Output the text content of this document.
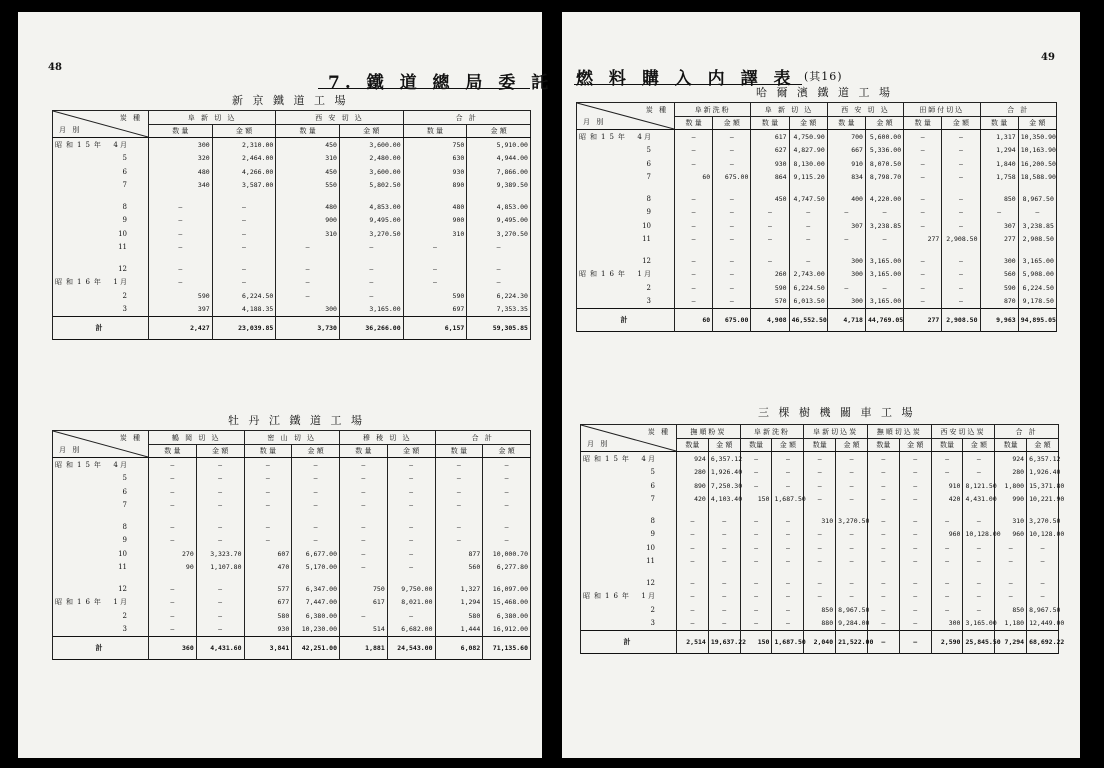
48
7. 鐵 道 總 局 委 託
新 京 鐵 道 工 場
牡 丹 江 鐵 道 工 場
49
燃 料 購 入 内 譯 表 (其16)
哈 爾 濱 鐵 道 工 場
三 棵 樹 機 關 車 工 場
炭 種
月 別	阜 新 切 込		西 安 切 込		合 計	
	数 量	金 額	数 量	金 額	数 量	金 額
昭和15年 4 月	300	2,310.00	450	3,600.00	750	5,910.00
5	320	2,464.00	310	2,480.00	630	4,944.00
6	480	4,266.00	450	3,600.00	930	7,866.00
7	340	3,587.00	550	5,802.50	890	9,389.50

8	—	—	480	4,853.00	480	4,853.00
9	—	—	900	9,495.00	900	9,495.00
10	—	—	310	3,270.50	310	3,270.50
11	—	—	—	—	—	—

12	—	—	—	—	—	—
昭和16年 1 月	—	—	—	—	—	—
2	590	6,224.50	—	—	590	6,224.30
3	397	4,188.35	300	3,165.00	697	7,353.35
計	2,427	23,039.85	3,730	36,266.00	6,157	59,305.85
炭 種
月 別	鶴 岡 切 込		密 山 切 込		穆 稜 切 込		合 計	
	数 量	金 額	数 量	金 額	数 量	金 額	数 量	金 額
昭和15年 4 月	—	—	—	—	—	—	—	—
5	—	—	—	—	—	—	—	—
6	—	—	—	—	—	—	—	—
7	—	—	—	—	—	—	—	—

8	—	—	—	—	—	—	—	—
9	—	—	—	—	—	—	—	—
10	270	3,323.70	607	6,677.00	—	—	877	10,000.70
11	90	1,107.80	470	5,170.00	—	—	560	6,277.80

12	—	—	577	6,347.00	750	9,750.00	1,327	16,097.00
昭和16年 1 月	—	—	677	7,447.00	617	8,021.00	1,294	15,468.00
2	—	—	580	6,380.00	—	—	580	6,380.00
3	—	—	930	10,230.00	514	6,682.00	1,444	16,912.00
計	360	4,431.60	3,841	42,251.00	1,881	24,543.00	6,082	71,135.60
炭 種
月 別	阜新洗粉		阜 新 切 込		西 安 切 込		田師付切込		合 計	
	数 量	金 額	数 量	金 額	数 量	金 額	数 量	金 額	数 量	金 額
昭和15年 4 月	—	—	617	4,750.90	700	5,600.00	—	—	1,317	10,350.90
5	—	—	627	4,827.90	667	5,336.00	—	—	1,294	10,163.90
6	—	—	930	8,130.00	910	8,070.50	—	—	1,840	16,200.50
7	60	675.00	864	9,115.20	834	8,798.70	—	—	1,758	18,588.90

8	—	—	450	4,747.50	400	4,220.00	—	—	850	8,967.50
9	—	—	—	—	—	—	—	—	—	—
10	—	—	—	—	307	3,238.85	—	—	307	3,238.85
11	—	—	—	—	—	—	277	2,908.50	277	2,908.50

12	—	—	—	—	300	3,165.00	—	—	300	3,165.00
昭和16年 1 月	—	—	260	2,743.00	300	3,165.00	—	—	560	5,908.00
2	—	—	590	6,224.50	—	—	—	—	590	6,224.50
3	—	—	570	6,013.50	300	3,165.00	—	—	870	9,178.50
計	60	675.00	4,908	46,552.50	4,718	44,769.05	277	2,908.50	9,963	94,895.05
炭 種
月 別	撫順粉炭		阜新洗粉		阜新切込炭		撫順切込炭		西安切込炭		合 計	
	数量	金 額	数量	金 額	数量	金 額	数量	金 額	数量	金 額	数量	金 額
昭和15年 4 月	924	6,357.12	—	—	—	—	—	—	—	—	924	6,357.12
5	280	1,926.40	—	—	—	—	—	—	—	—	280	1,926.40
6	890	7,250.30	—	—	—	—	—	—	910	8,121.50	1,800	15,371.80
7	420	4,103.40	150	1,687.50	—	—	—	—	420	4,431.00	990	10,221.90

8	—	—	—	—	310	3,270.50	—	—	—	—	310	3,270.50
9	—	—	—	—	—	—	—	—	960	10,128.00	960	10,128.00
10	—	—	—	—	—	—	—	—	—	—	—	—
11	—	—	—	—	—	—	—	—	—	—	—	—

12	—	—	—	—	—	—	—	—	—	—	—	—
昭和16年 1 月	—	—	—	—	—	—	—	—	—	—	—	—
2	—	—	—	—	850	8,967.50	—	—	—	—	850	8,967.50
3	—	—	—	—	880	9,284.00	—	—	300	3,165.00	1,180	12,449.00
計	2,514	19,637.22	150	1,687.50	2,040	21,522.00	—	—	2,590	25,845.50	7,294	68,692.22
